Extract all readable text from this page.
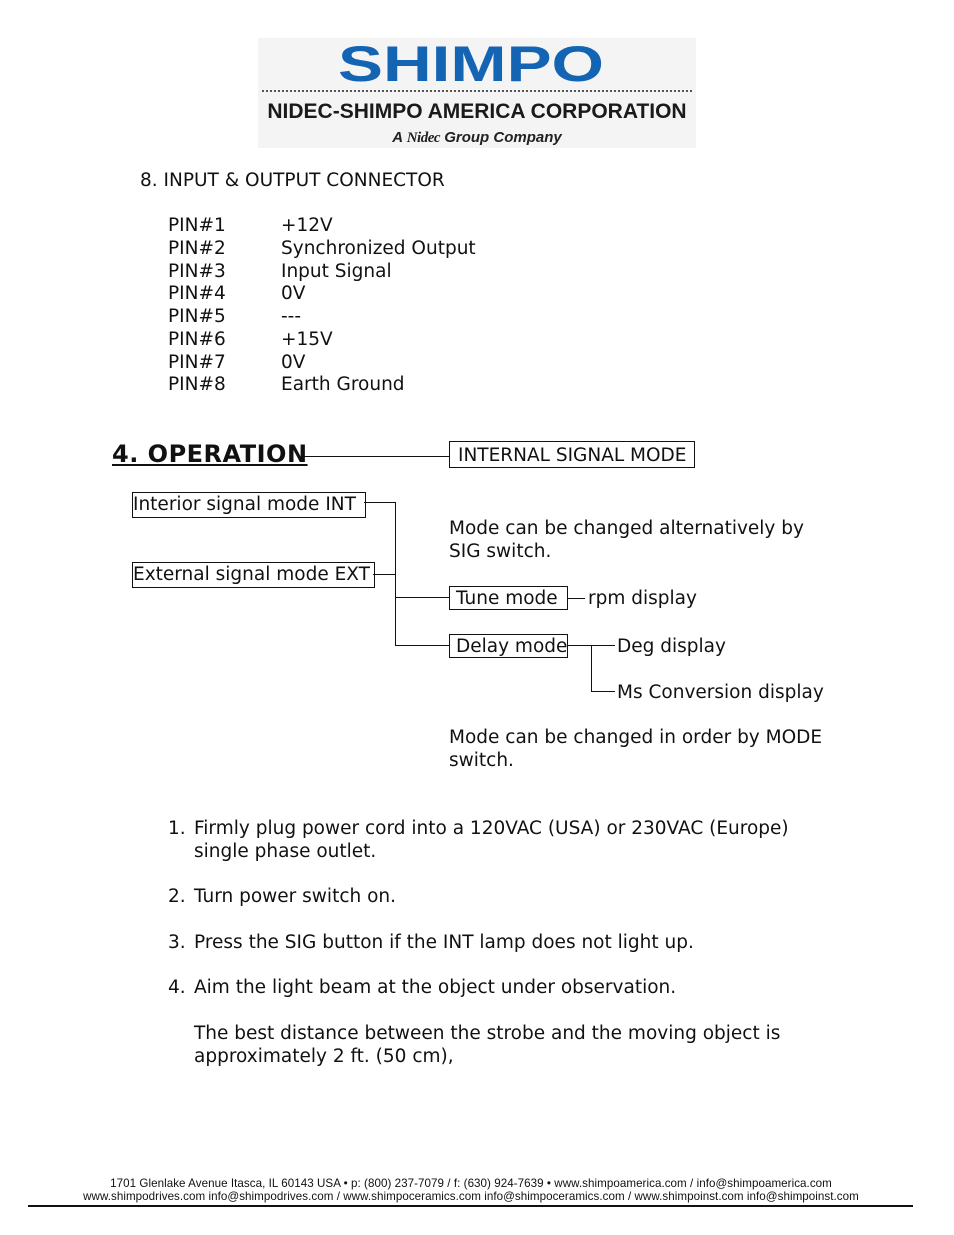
SHIMPO
NIDEC-SHIMPO AMERICA CORPORATION
A Nidec Group Company
8. INPUT & OUTPUT CONNECTOR
PIN#1	+12V
PIN#2	Synchronized Output
PIN#3	Input Signal
PIN#4	0V
PIN#5	---
PIN#6	+15V
PIN#7	0V
PIN#8	Earth Ground
4. OPERATION	INTERNAL SIGNAL MODE
Interior signal mode INT
External signal mode EXT
Mode can be changed alternatively by
SIG switch.
Tune mode	rpm display
Delay mode	Deg display
Ms Conversion display
Mode can be changed in order by MODE
switch.
1. Firmly plug power cord into a 120VAC (USA) or 230VAC (Europe)
single phase outlet.
2. Turn power switch on.
3. Press the SIG button if the INT lamp does not light up.
4. Aim the light beam at the object under observation.
The best distance between the strobe and the moving object is
approximately 2 ft. (50 cm),
1701 Glenlake Avenue Itasca, IL 60143 USA • p: (800) 237-7079 / f: (630) 924-7639 • www.shimpoamerica.com / info@shimpoamerica.com
www.shimpodrives.com info@shimpodrives.com / www.shimpoceramics.com info@shimpoceramics.com / www.shimpoinst.com info@shimpoinst.com
